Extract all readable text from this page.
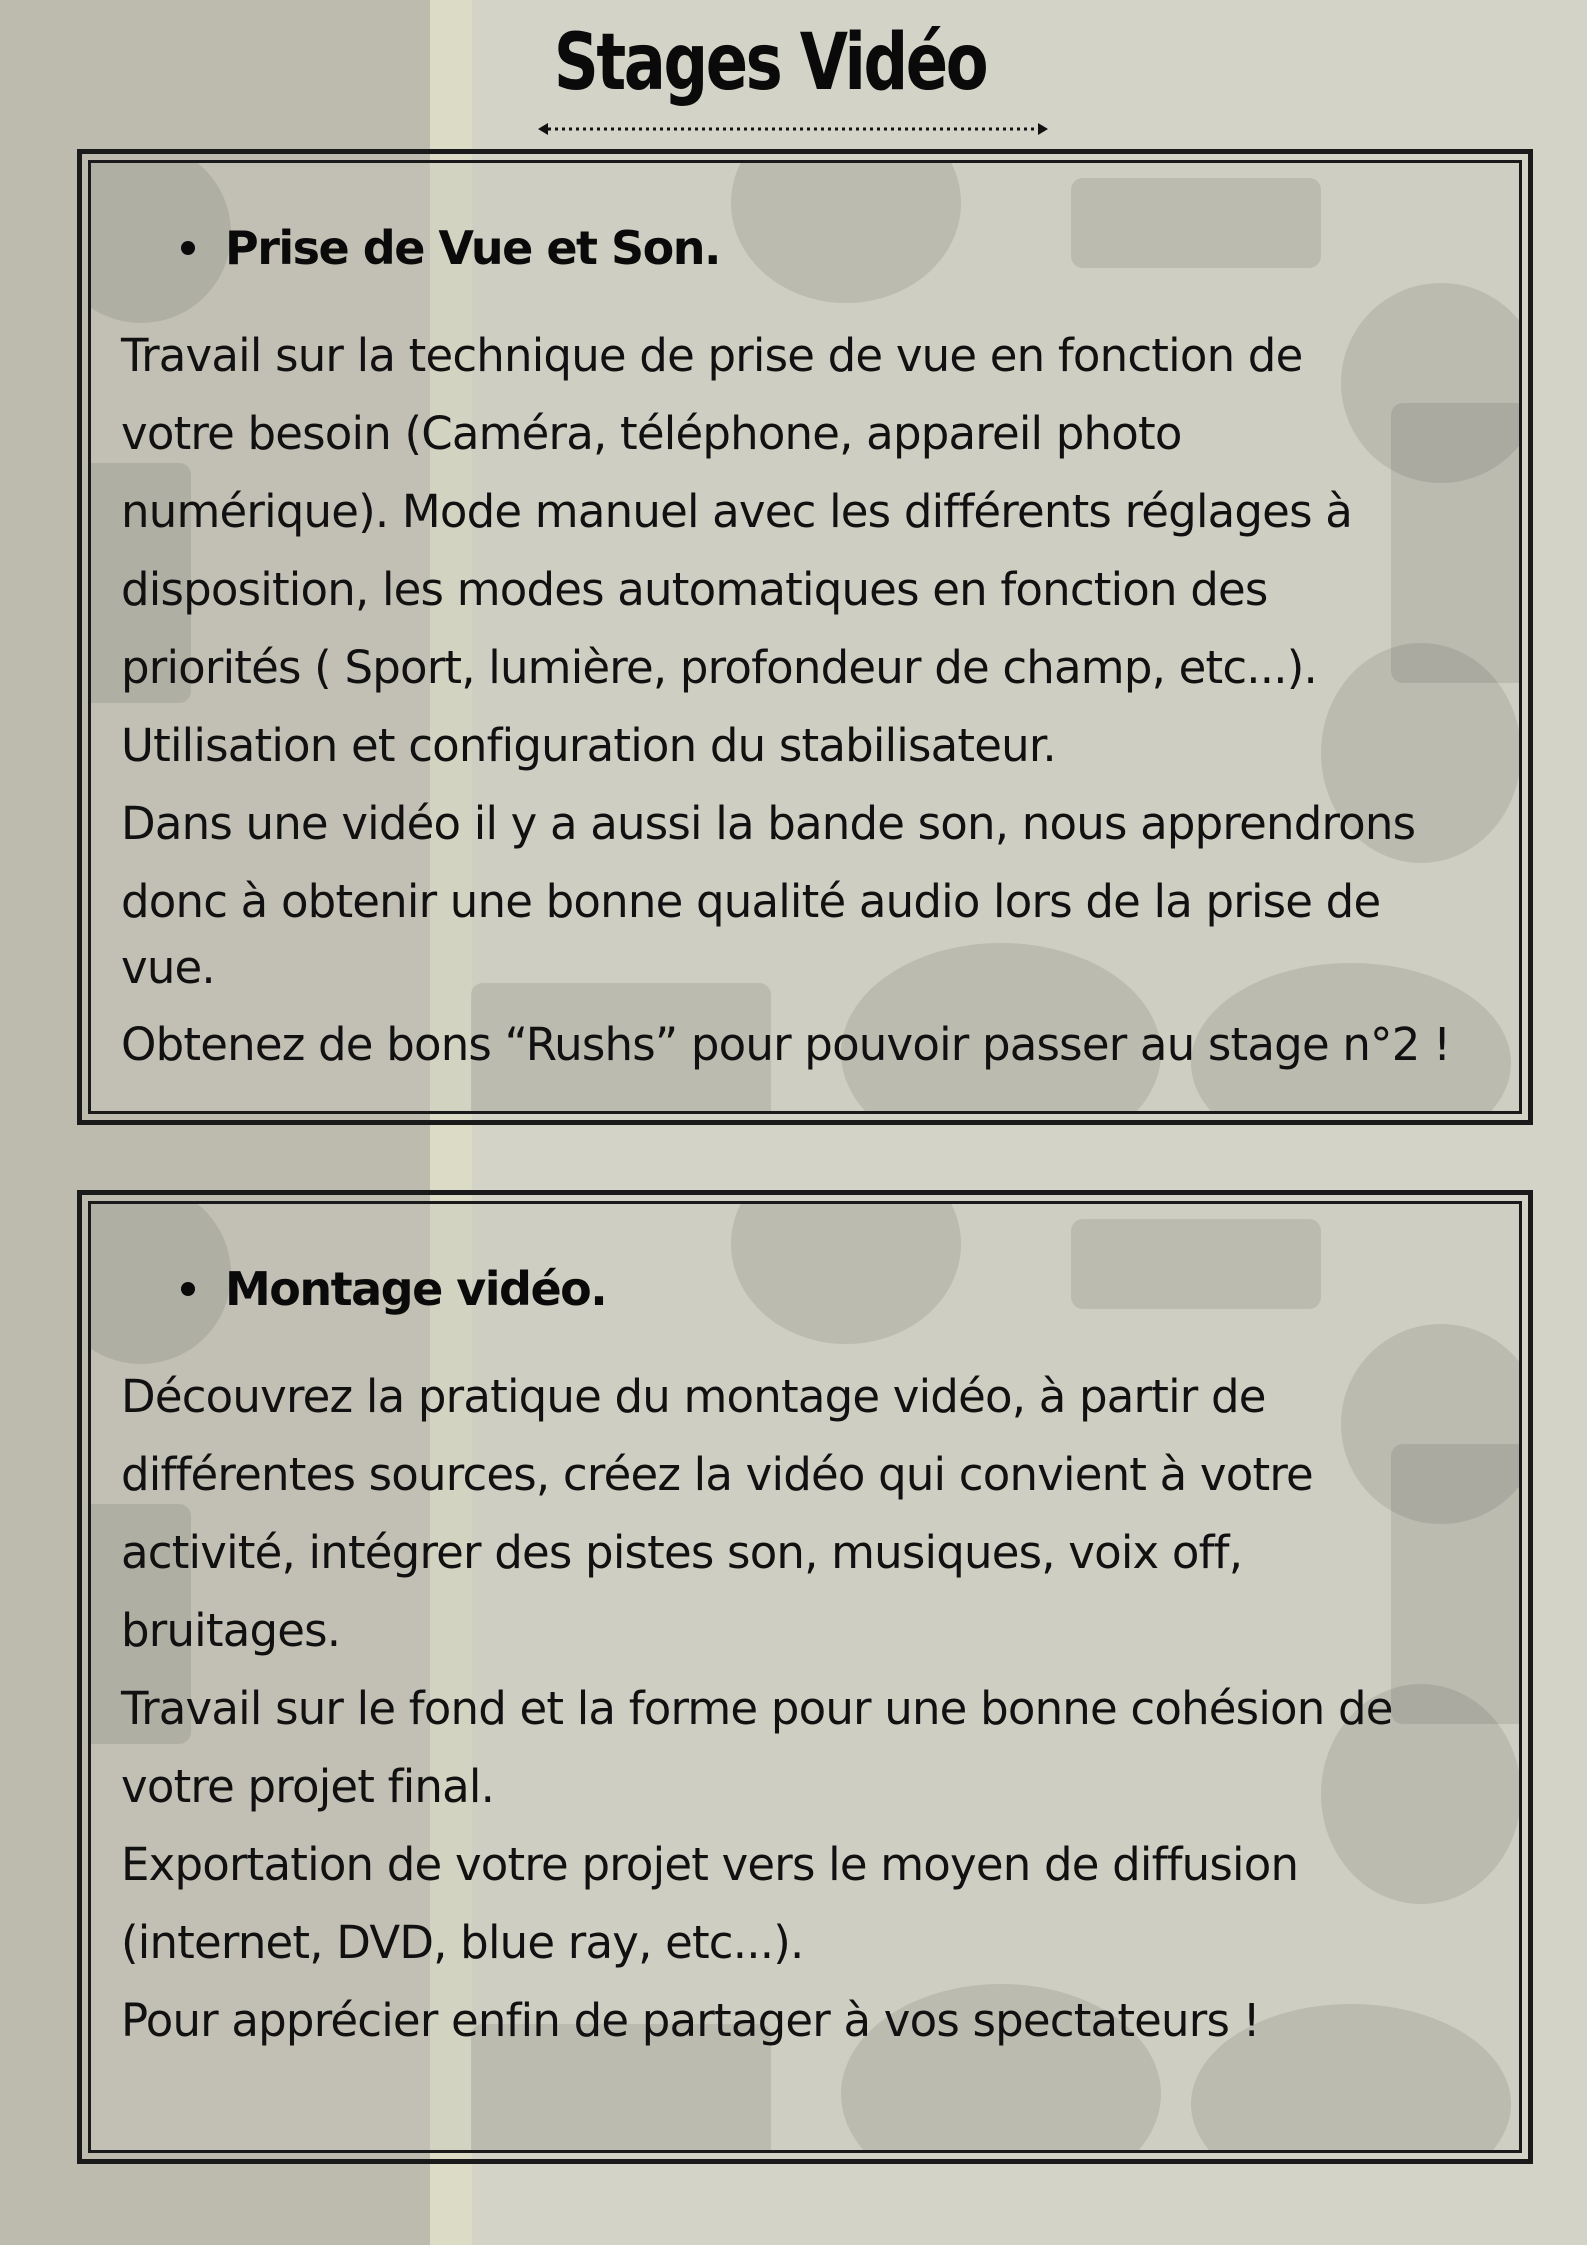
Stages Vidéo
Prise de Vue et Son.
Travail sur la technique de prise de vue en fonction de
votre besoin (Caméra, téléphone, appareil photo
numérique). Mode manuel avec les différents réglages à
disposition, les modes automatiques en fonction des
priorités ( Sport, lumière, profondeur de champ, etc...).
Utilisation et configuration du stabilisateur.
Dans une vidéo il y a aussi la bande son, nous apprendrons
donc à obtenir une bonne qualité audio lors de la prise de
vue.
Obtenez de bons “Rushs” pour pouvoir passer au stage n°2 !
Montage vidéo.
Découvrez la pratique du montage vidéo, à partir de
différentes sources, créez la vidéo qui convient à votre
activité, intégrer des pistes son, musiques, voix off,
bruitages.
Travail sur le fond et la forme pour une bonne cohésion de
votre projet final.
Exportation de votre projet vers le moyen de diffusion
(internet, DVD, blue ray, etc...).
Pour apprécier enfin de partager à vos spectateurs !
